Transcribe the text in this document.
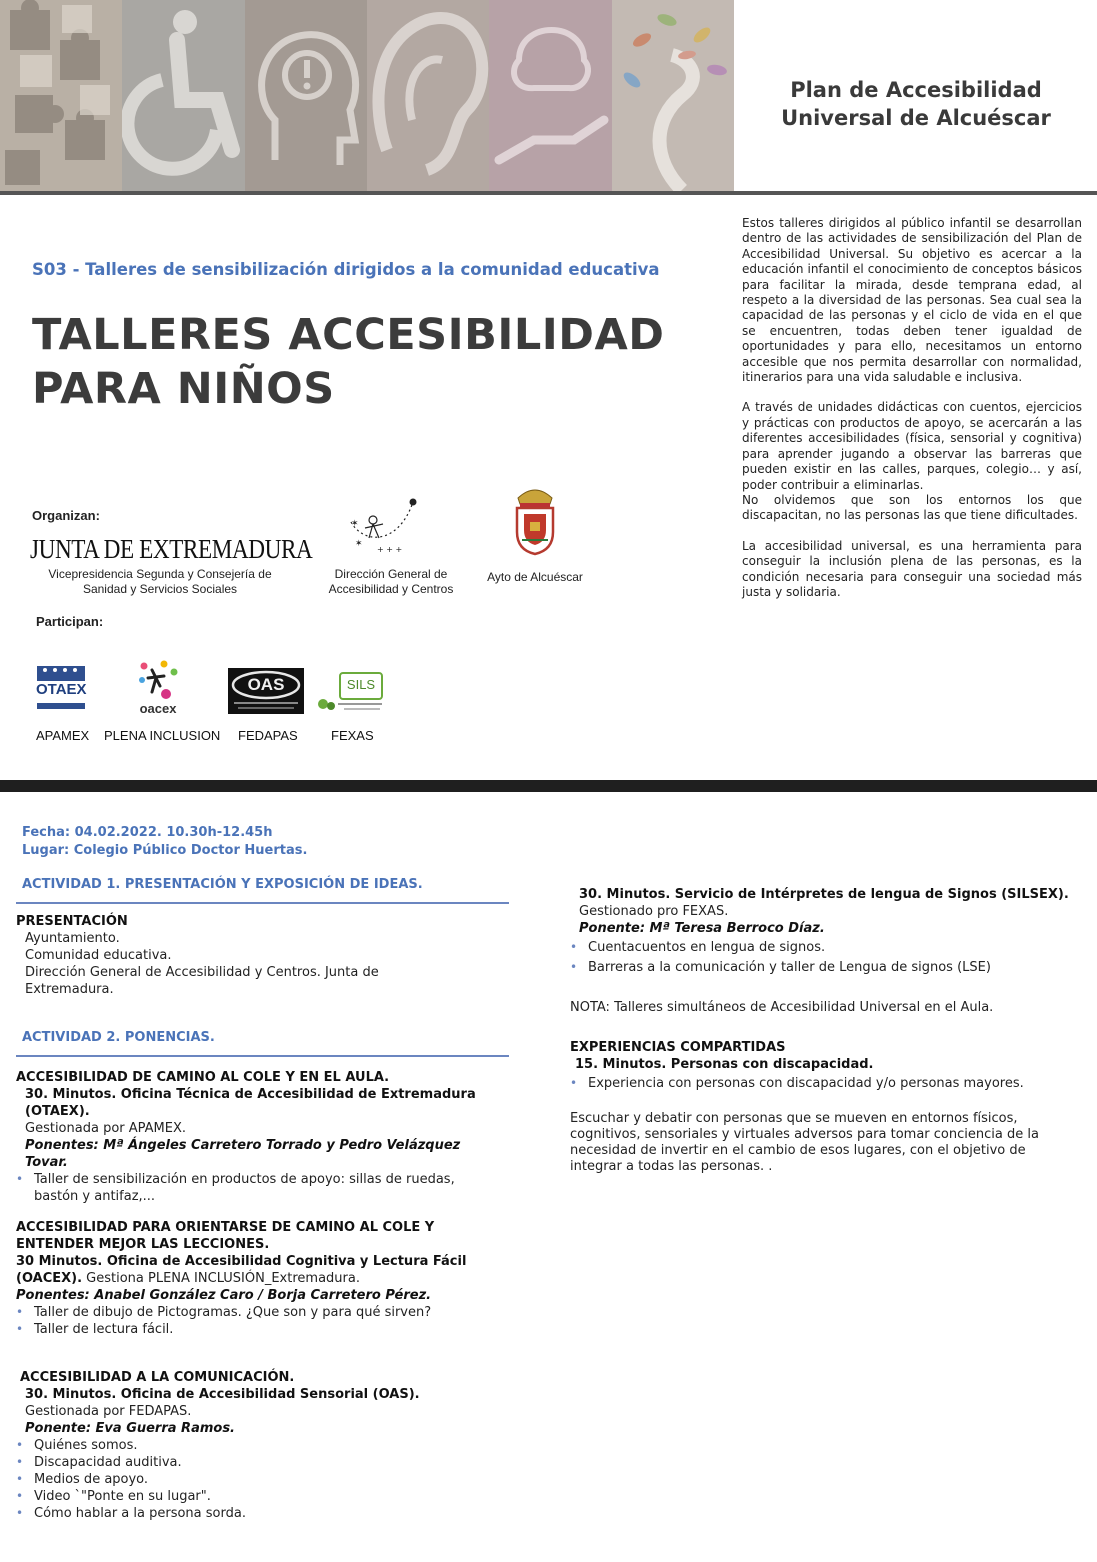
Plan de Accesibilidad
Universal de Alcuéscar
S03 - Talleres de sensibilización dirigidos a la comunidad educativa
TALLERES ACCESIBILIDAD
PARA NIÑOS

Estos talleres dirigidos al público infantil se desarrollan dentro de las actividades de sensibilización del Plan de Accesibilidad Universal. Su objetivo es acercar a la educación infantil el conocimiento de conceptos básicos para facilitar la mirada, desde temprana edad, al respeto a la diversidad de las personas. Sea cual sea la capacidad de las personas y el ciclo de vida en el que se encuentren, todas deben tener igualdad de oportunidades y para ello, necesitamos un entorno accesible que nos permita desarrollar con normalidad, itinerarios para una vida saludable e inclusiva.

A través de unidades didácticas con cuentos, ejercicios y prácticas con productos de apoyo, se acercarán a las diferentes accesibilidades (física, sensorial y cognitiva) para aprender jugando a observar las barreras que pueden existir en las calles, parques, colegio… y así, poder contribuir a eliminarlas.

No olvidemos que son los entornos los que discapacitan, no las personas las que tiene dificultades.

La accesibilidad universal, es una herramienta para conseguir la inclusión plena de las personas, es la condición necesaria para conseguir una sociedad más justa y solidaria.

Organizan:
JUNTA DE EXTREMADURA
Vicepresidencia Segunda y Consejería de
Sanidad y Servicios Sociales
✶
✶
+ + +
Dirección General de
Accesibilidad y Centros
Ayto de Alcuéscar
Participan:
OTAEX
oacex
OAS	SILS
APAMEX PLENA INCLUSION FEDAPAS	FEXAS
Fecha: 04.02.2022. 10.30h-12.45h
Lugar: Colegio Público Doctor Huertas.
ACTIVIDAD 1. PRESENTACIÓN Y EXPOSICIÓN DE IDEAS.
PRESENTACIÓN
Ayuntamiento.
Comunidad educativa.
Dirección General de Accesibilidad y Centros. Junta de Extremadura.
ACTIVIDAD 2. PONENCIAS.
ACCESIBILIDAD DE CAMINO AL COLE Y EN EL AULA.
30. Minutos. Oficina Técnica de Accesibilidad de Extremadura (OTAEX).
Gestionada por APAMEX.
Ponentes: Mª Ángeles Carretero Torrado y Pedro Velázquez Tovar.
• Taller de sensibilización en productos de apoyo: sillas de ruedas, bastón y antifaz,...
ACCESIBILIDAD PARA ORIENTARSE DE CAMINO AL COLE Y ENTENDER MEJOR LAS LECCIONES.
30 Minutos. Oficina de Accesibilidad Cognitiva y Lectura Fácil (OACEX). Gestiona PLENA INCLUSIÓN_Extremadura.
Ponentes: Anabel González Caro / Borja Carretero Pérez.
• Taller de dibujo de Pictogramas. ¿Que son y para qué sirven?
• Taller de lectura fácil.
ACCESIBILIDAD A LA COMUNICACIÓN.
30. Minutos. Oficina de Accesibilidad Sensorial (OAS).
Gestionada por FEDAPAS.
Ponente: Eva Guerra Ramos.
• Quiénes somos.
• Discapacidad auditiva.
• Medios de apoyo.
• Video `"Ponte en su lugar".
• Cómo hablar a la persona sorda.
30. Minutos. Servicio de Intérpretes de lengua de Signos (SILSEX).
Gestionado pro FEXAS.
Ponente: Mª Teresa Berroco Díaz.
• Cuentacuentos en lengua de signos.
• Barreras a la comunicación y taller de Lengua de signos (LSE)
NOTA: Talleres simultáneos de Accesibilidad Universal en el Aula.
EXPERIENCIAS COMPARTIDAS
15. Minutos. Personas con discapacidad.
• Experiencia con personas con discapacidad y/o personas mayores.
Escuchar y debatir con personas que se mueven en entornos físicos, cognitivos, sensoriales y virtuales adversos para tomar conciencia de la necesidad de invertir en el cambio de esos lugares, con el objetivo de integrar a todas las personas. .
